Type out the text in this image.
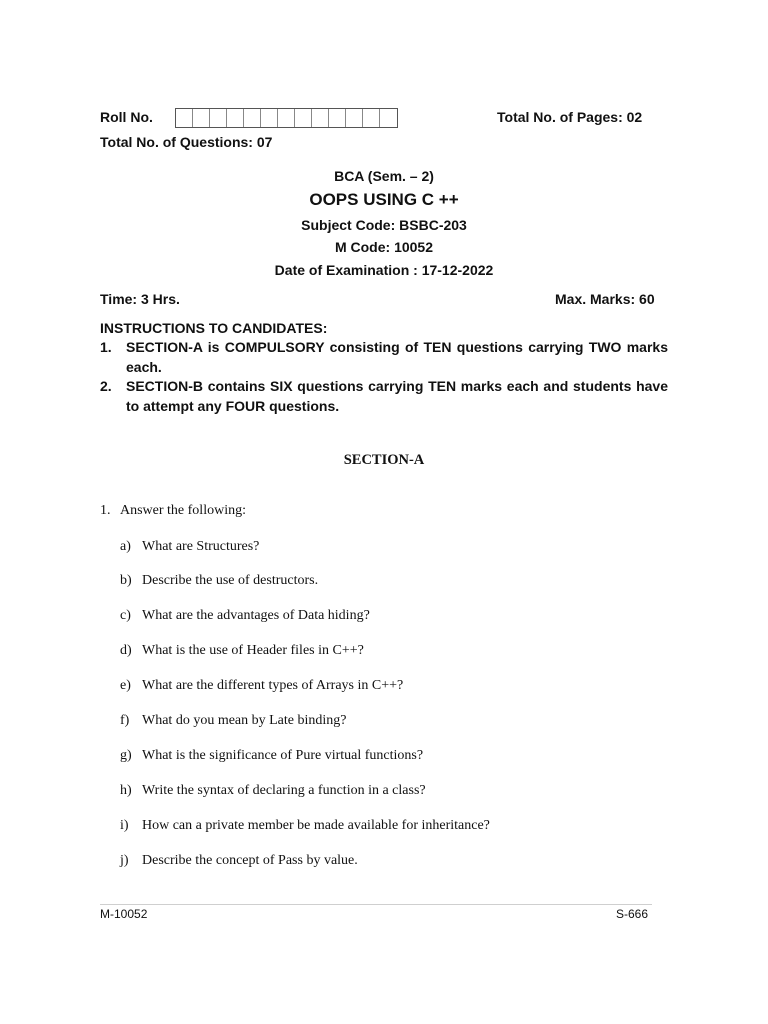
Roll No.	Total No. of Pages: 02
Total No. of Questions: 07
BCA (Sem. – 2)
OOPS USING C ++
Subject Code: BSBC-203
M Code: 10052
Date of Examination : 17-12-2022
Time: 3 Hrs.	Max. Marks: 60
INSTRUCTIONS TO CANDIDATES:
1. SECTION-A is COMPULSORY consisting of TEN questions carrying TWO marks each.
2. SECTION-B contains SIX questions carrying TEN marks each and students have to attempt any FOUR questions.
SECTION-A
1. Answer the following:
a) What are Structures?
b) Describe the use of destructors.
c) What are the advantages of Data hiding?
d) What is the use of Header files in C++?
e) What are the different types of Arrays in C++?
f) What do you mean by Late binding?
g) What is the significance of Pure virtual functions?
h) Write the syntax of declaring a function in a class?
i) How can a private member be made available for inheritance?
j) Describe the concept of Pass by value.
M-10052	S-666
